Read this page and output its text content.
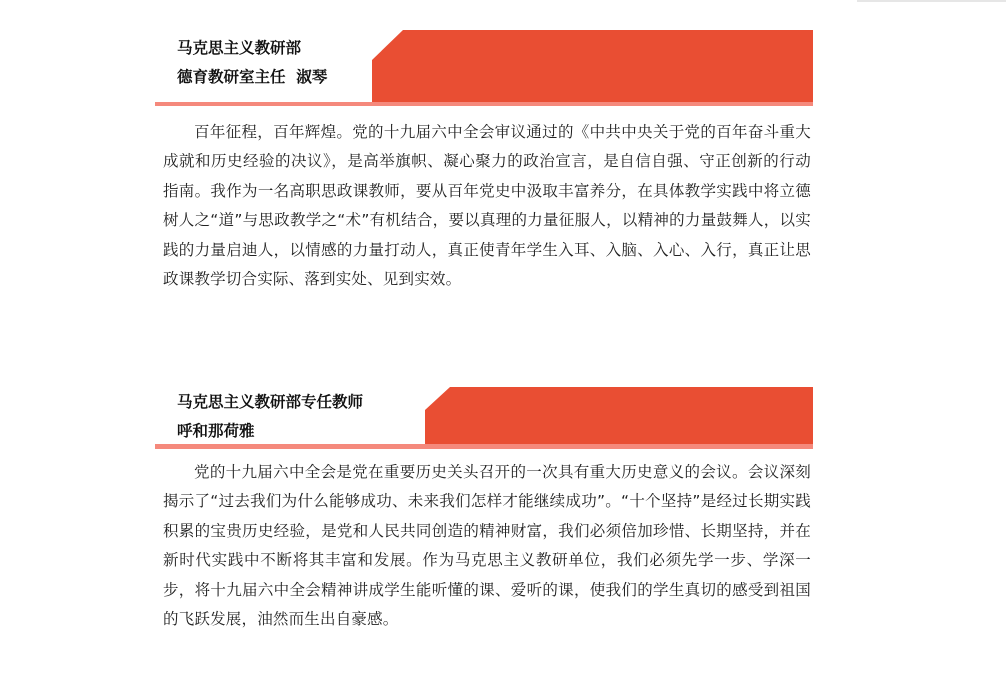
马克思主义教研部
德育教研室主任  淑琴

百年征程，百年辉煌。党的十九届六中全会审议通过的《中共中央关于党的百年奋斗重大成就和历史经验的决议》，是高举旗帜、凝心聚力的政治宣言，是自信自强、守正创新的行动指南。我作为一名高职思政课教师，要从百年党史中汲取丰富养分，在具体教学实践中将立德树人之“道”与思政教学之“术”有机结合，要以真理的力量征服人，以精神的力量鼓舞人，以实践的力量启迪人，以情感的力量打动人，真正使青年学生入耳、入脑、入心、入行，真正让思政课教学切合实际、落到实处、见到实效。

马克思主义教研部专任教师
呼和那荷雅

党的十九届六中全会是党在重要历史关头召开的一次具有重大历史意义的会议。会议深刻揭示了“过去我们为什么能够成功、未来我们怎样才能继续成功”。“十个坚持”是经过长期实践积累的宝贵历史经验，是党和人民共同创造的精神财富，我们必须倍加珍惜、长期坚持，并在新时代实践中不断将其丰富和发展。作为马克思主义教研单位，我们必须先学一步、学深一步，将十九届六中全会精神讲成学生能听懂的课、爱听的课，使我们的学生真切的感受到祖国的飞跃发展，油然而生出自豪感。
